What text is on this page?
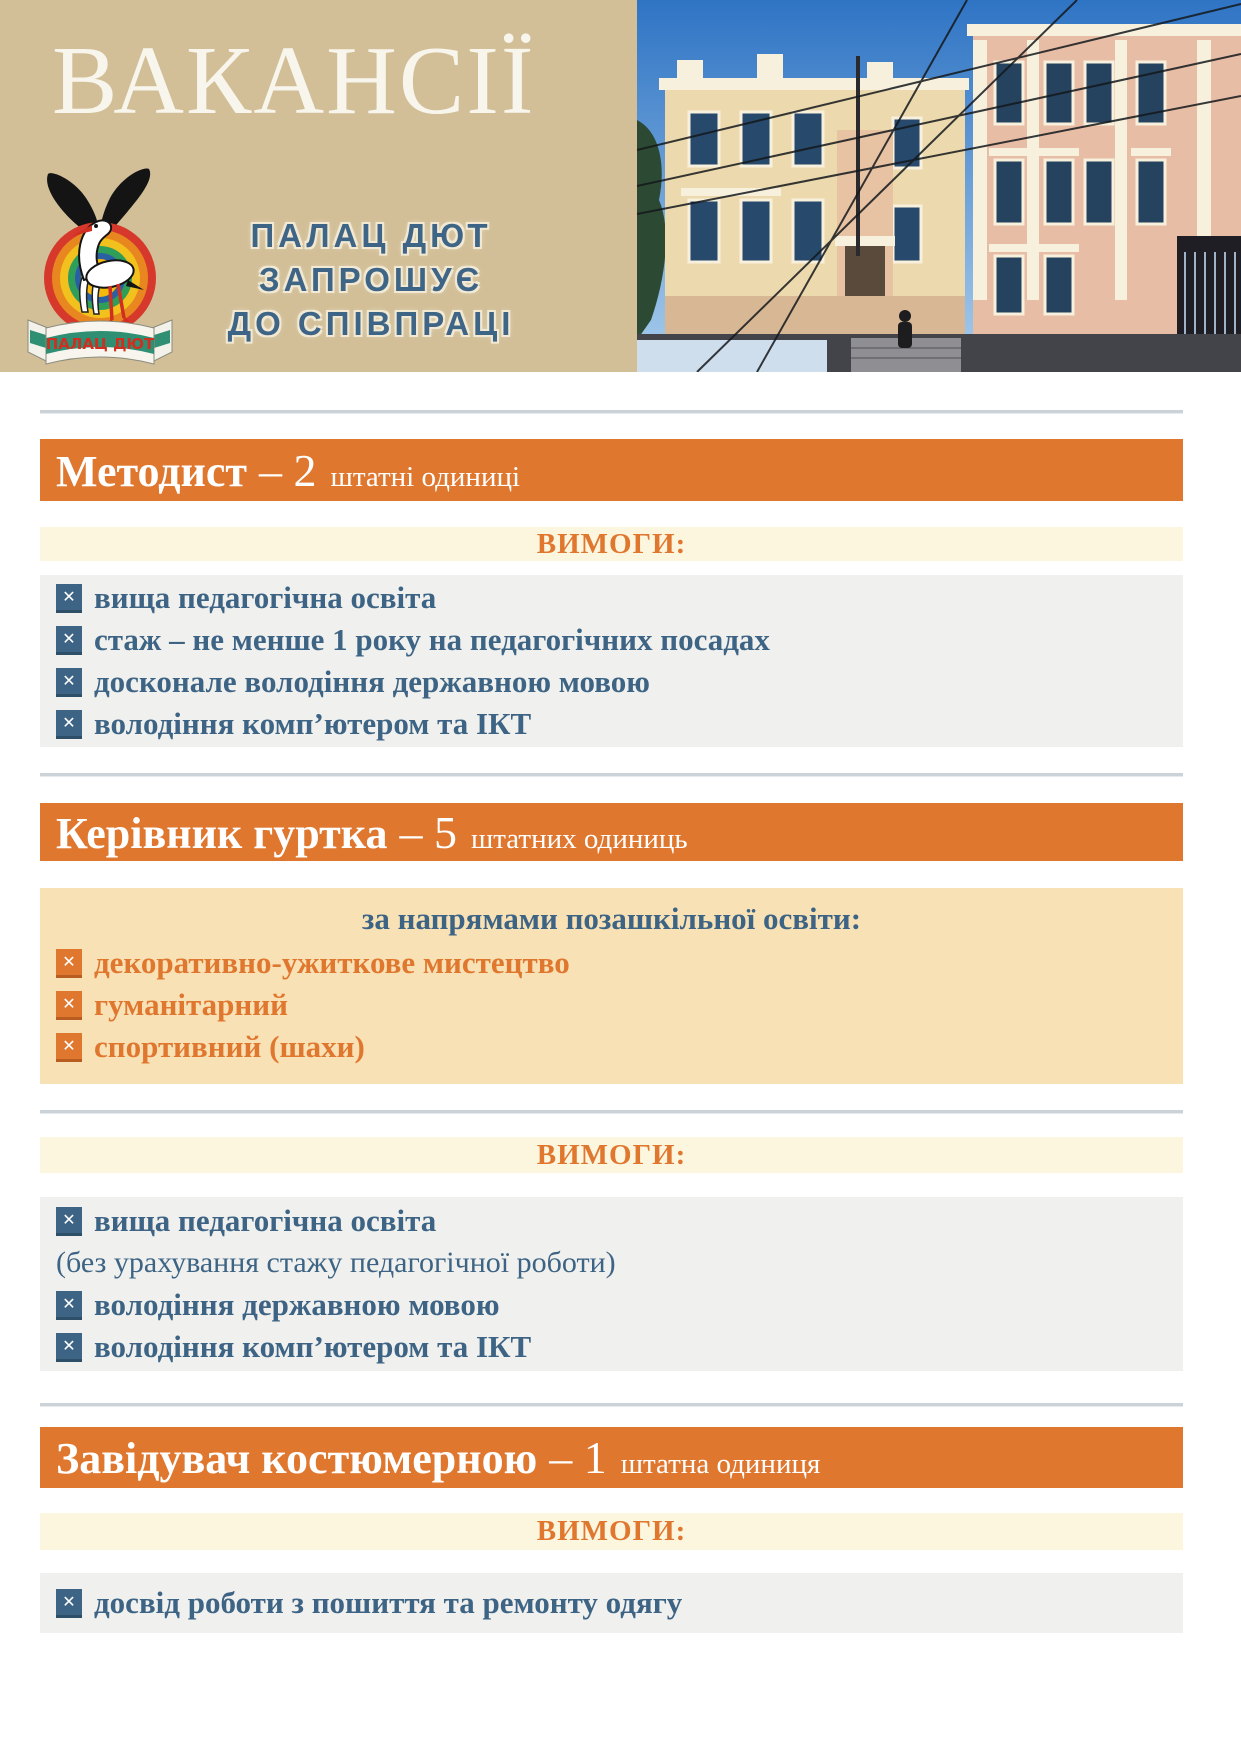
ВАКАНСІЇ
ПАЛАЦ ДЮТ
ПАЛАЦ ДЮТ
ЗАПРОШУЄ
ДО СПІВПРАЦІ
Методист – 2 штатні одиниці
ВИМОГИ:
✕ вища педагогічна освіта
✕ стаж – не менше 1 року на педагогічних посадах
✕ досконале володіння державною мовою
✕ володіння комп’ютером та ІКТ
Керівник гуртка – 5 штатних одиниць
за напрямами позашкільної освіти:
✕ декоративно-ужиткове мистецтво
✕ гуманітарний
✕ спортивний (шахи)
ВИМОГИ:
✕ вища педагогічна освіта
(без урахування стажу педагогічної роботи)
✕ володіння державною мовою
✕ володіння комп’ютером та ІКТ
Завідувач костюмерною – 1 штатна одиниця
ВИМОГИ:
✕ досвід роботи з пошиття та ремонту одягу
